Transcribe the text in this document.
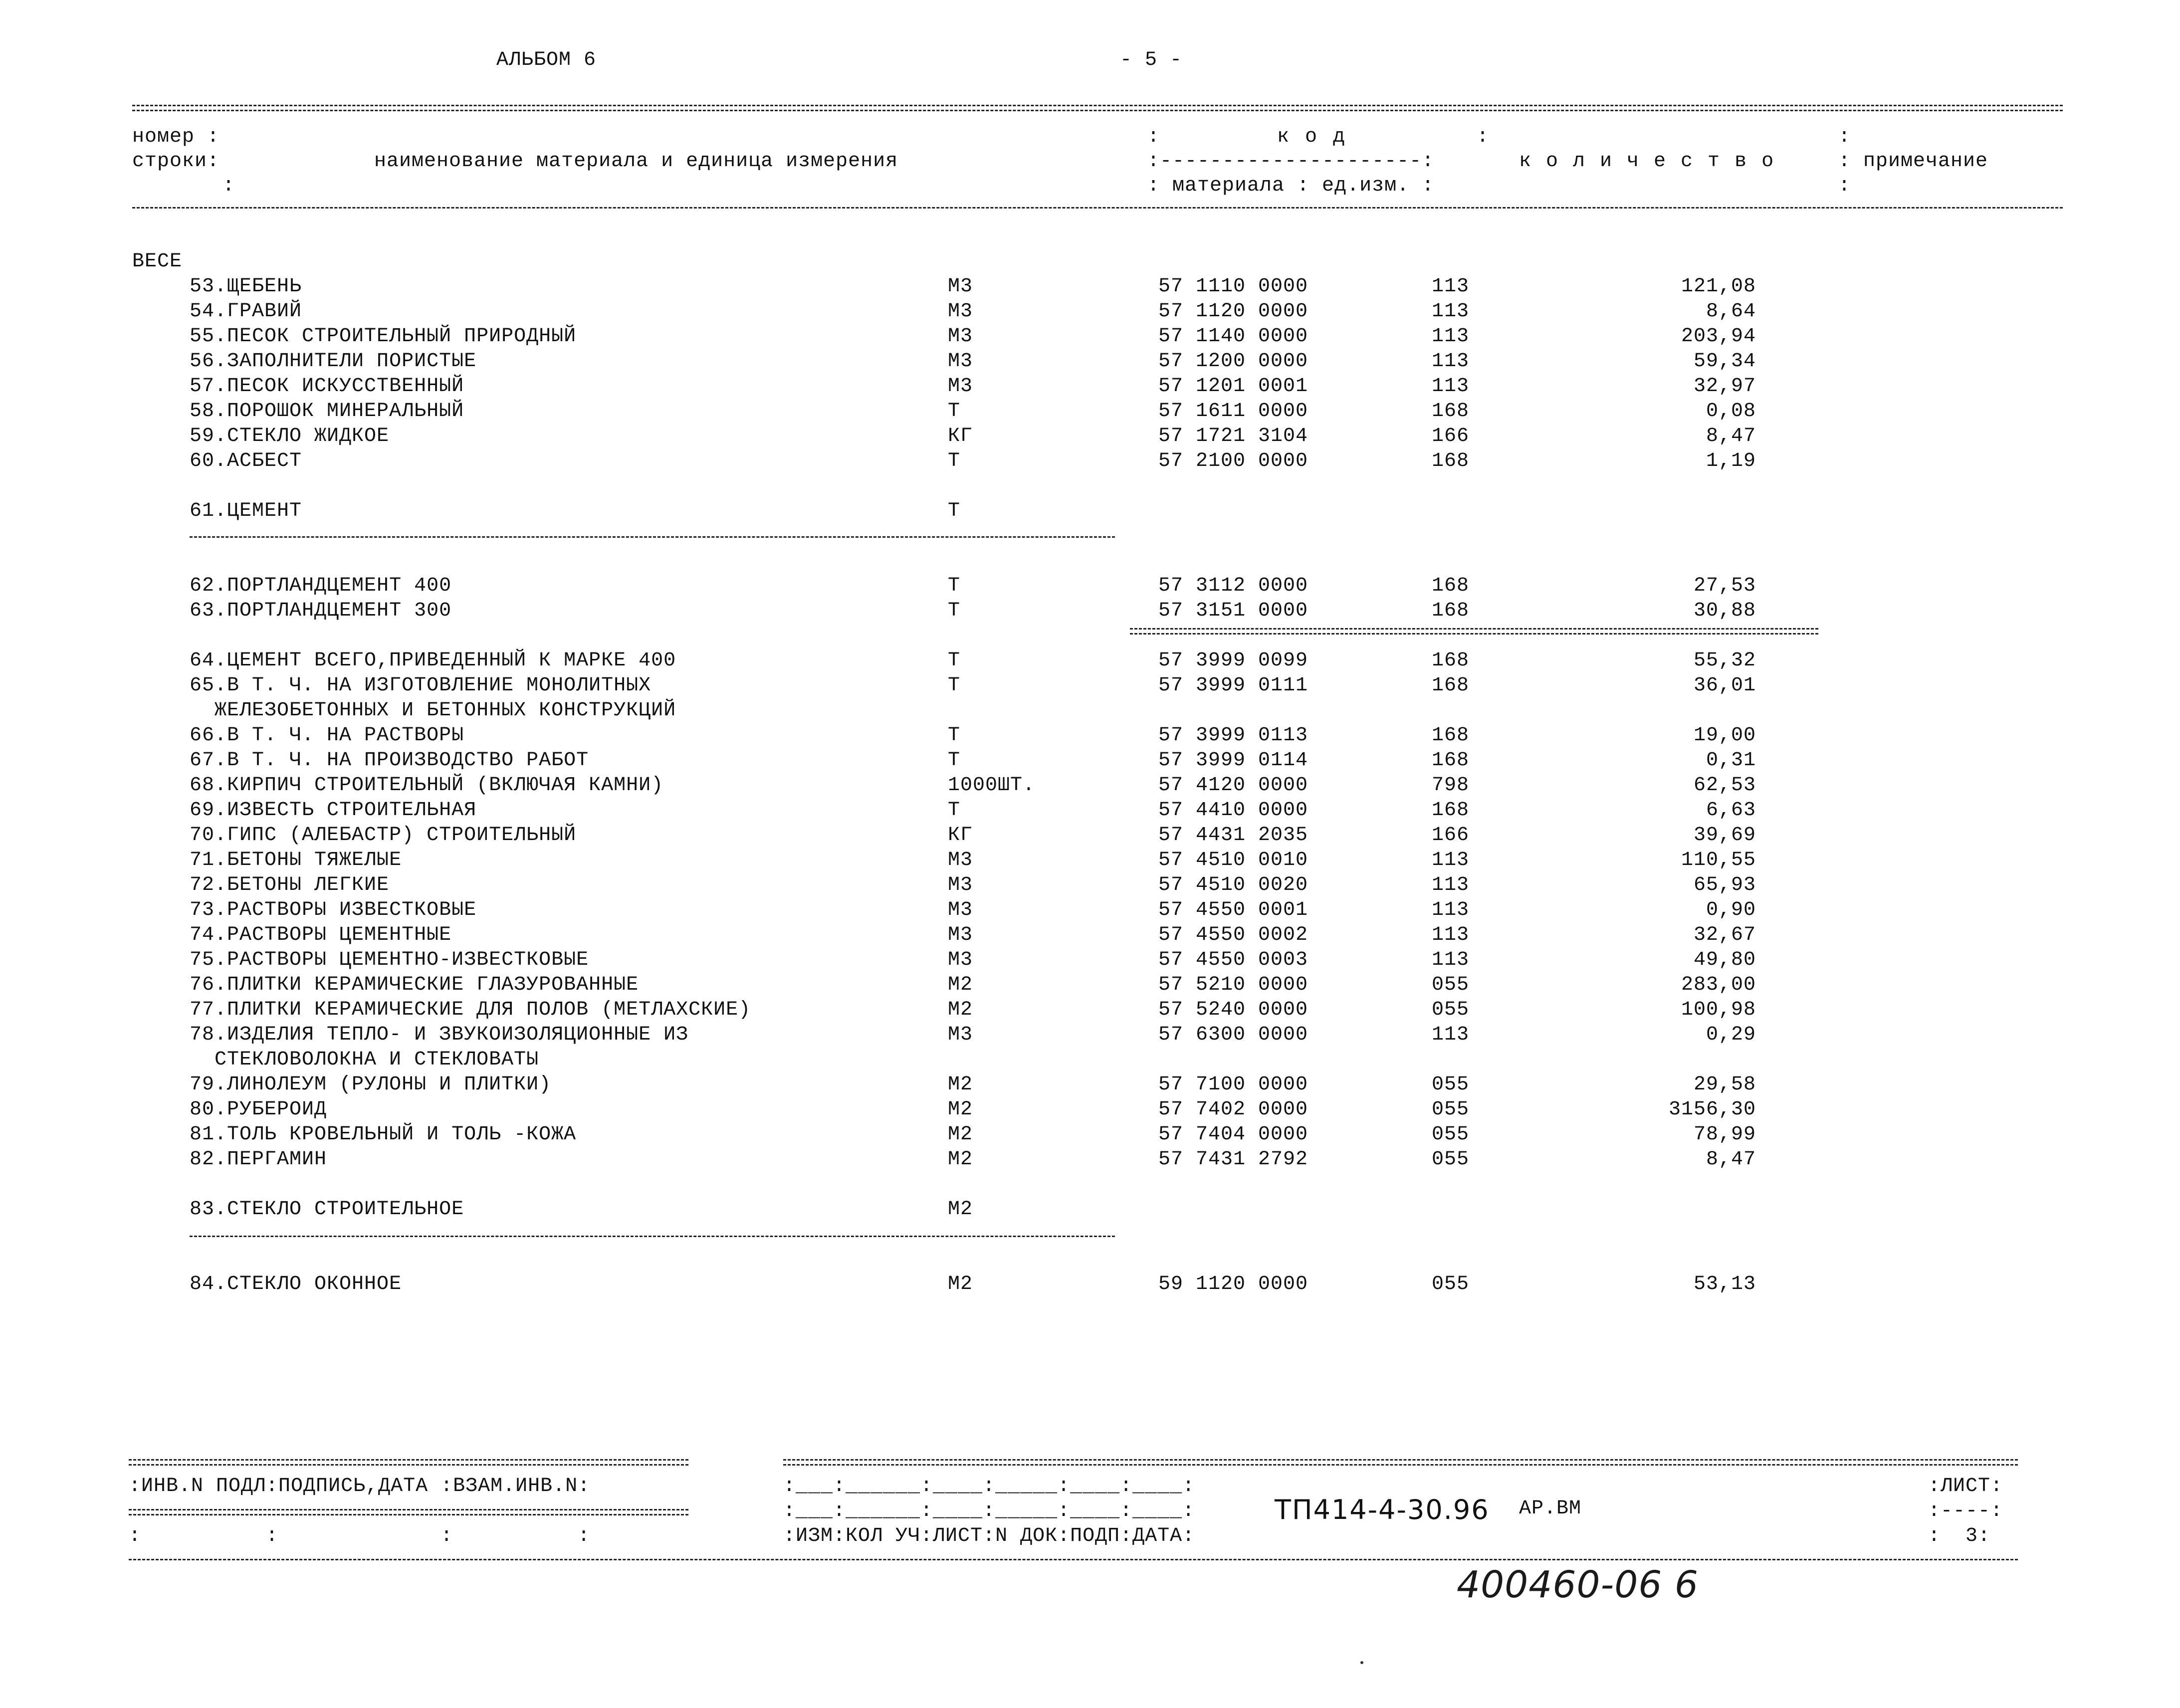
АЛЬБОМ 6	- 5 -
номер :
строки:
:
наименование материала и единица измерения
:	к о д	:
:---------------------:
: материала : ед.изм. :
к о л и ч е с т в о
:
: примечание
:
ВЕСЕ
53.ЩЕБЕНЬ	М3	57 1110 0000	113	121,08
54.ГРАВИЙ	М3	57 1120 0000	113	8,64
55.ПЕСОК СТРОИТЕЛЬНЫЙ ПРИРОДНЫЙ	М3	57 1140 0000	113	203,94
56.ЗАПОЛНИТЕЛИ ПОРИСТЫЕ	М3	57 1200 0000	113	59,34
57.ПЕСОК ИСКУССТВЕННЫЙ	М3	57 1201 0001	113	32,97
58.ПОРОШОК МИНЕРАЛЬНЫЙ	Т	57 1611 0000	168	0,08
59.СТЕКЛО ЖИДКОЕ	КГ	57 1721 3104	166	8,47
60.АСБЕСТ	Т	57 2100 0000	168	1,19
61.ЦЕМЕНТ	Т
62.ПОРТЛАНДЦЕМЕНТ 400	Т	57 3112 0000	168	27,53
63.ПОРТЛАНДЦЕМЕНТ 300	Т	57 3151 0000	168	30,88
64.ЦЕМЕНТ ВСЕГО,ПРИВЕДЕННЫЙ К МАРКЕ 400	Т	57 3999 0099	168	55,32
65.В Т. Ч. НА ИЗГОТОВЛЕНИЕ МОНОЛИТНЫХ	Т	57 3999 0111	168	36,01
ЖЕЛЕЗОБЕТОННЫХ И БЕТОННЫХ КОНСТРУКЦИЙ
66.В Т. Ч. НА РАСТВОРЫ	Т	57 3999 0113	168	19,00
67.В Т. Ч. НА ПРОИЗВОДСТВО РАБОТ	Т	57 3999 0114	168	0,31
68.КИРПИЧ СТРОИТЕЛЬНЫЙ (ВКЛЮЧАЯ КАМНИ)	1000ШТ.	57 4120 0000	798	62,53
69.ИЗВЕСТЬ СТРОИТЕЛЬНАЯ	Т	57 4410 0000	168	6,63
70.ГИПС (АЛЕБАСТР) СТРОИТЕЛЬНЫЙ	КГ	57 4431 2035	166	39,69
71.БЕТОНЫ ТЯЖЕЛЫЕ	М3	57 4510 0010	113	110,55
72.БЕТОНЫ ЛЕГКИЕ	М3	57 4510 0020	113	65,93
73.РАСТВОРЫ ИЗВЕСТКОВЫЕ	М3	57 4550 0001	113	0,90
74.РАСТВОРЫ ЦЕМЕНТНЫЕ	М3	57 4550 0002	113	32,67
75.РАСТВОРЫ ЦЕМЕНТНО-ИЗВЕСТКОВЫЕ	М3	57 4550 0003	113	49,80
76.ПЛИТКИ КЕРАМИЧЕСКИЕ ГЛАЗУРОВАННЫЕ	М2	57 5210 0000	055	283,00
77.ПЛИТКИ КЕРАМИЧЕСКИЕ ДЛЯ ПОЛОВ (МЕТЛАХСКИЕ)	М2	57 5240 0000	055	100,98
78.ИЗДЕЛИЯ ТЕПЛО- И ЗВУКОИЗОЛЯЦИОННЫЕ ИЗ	М3	57 6300 0000	113	0,29
СТЕКЛОВОЛОКНА И СТЕКЛОВАТЫ
79.ЛИНОЛЕУМ (РУЛОНЫ И ПЛИТКИ)	М2	57 7100 0000	055	29,58
80.РУБЕРОИД	М2	57 7402 0000	055	3156,30
81.ТОЛЬ КРОВЕЛЬНЫЙ И ТОЛЬ -КОЖА	М2	57 7404 0000	055	78,99
82.ПЕРГАМИН	М2	57 7431 2792	055	8,47
83.СТЕКЛО СТРОИТЕЛЬНОЕ	М2
84.СТЕКЛО ОКОННОЕ	М2	59 1120 0000	055	53,13
:ИНВ.N ПОДЛ:ПОДПИСЬ,ДАТА :ВЗАМ.ИНВ.N:
:          :             :          :
:___:______:____:_____:____:____:
:___:______:____:_____:____:____:
:ИЗМ:КОЛ УЧ:ЛИСТ:N ДОК:ПОДП:ДАТА:
ТП414-4-30.96 АР.ВМ
:ЛИСТ:
:----:
:  3:
400460-06 6
